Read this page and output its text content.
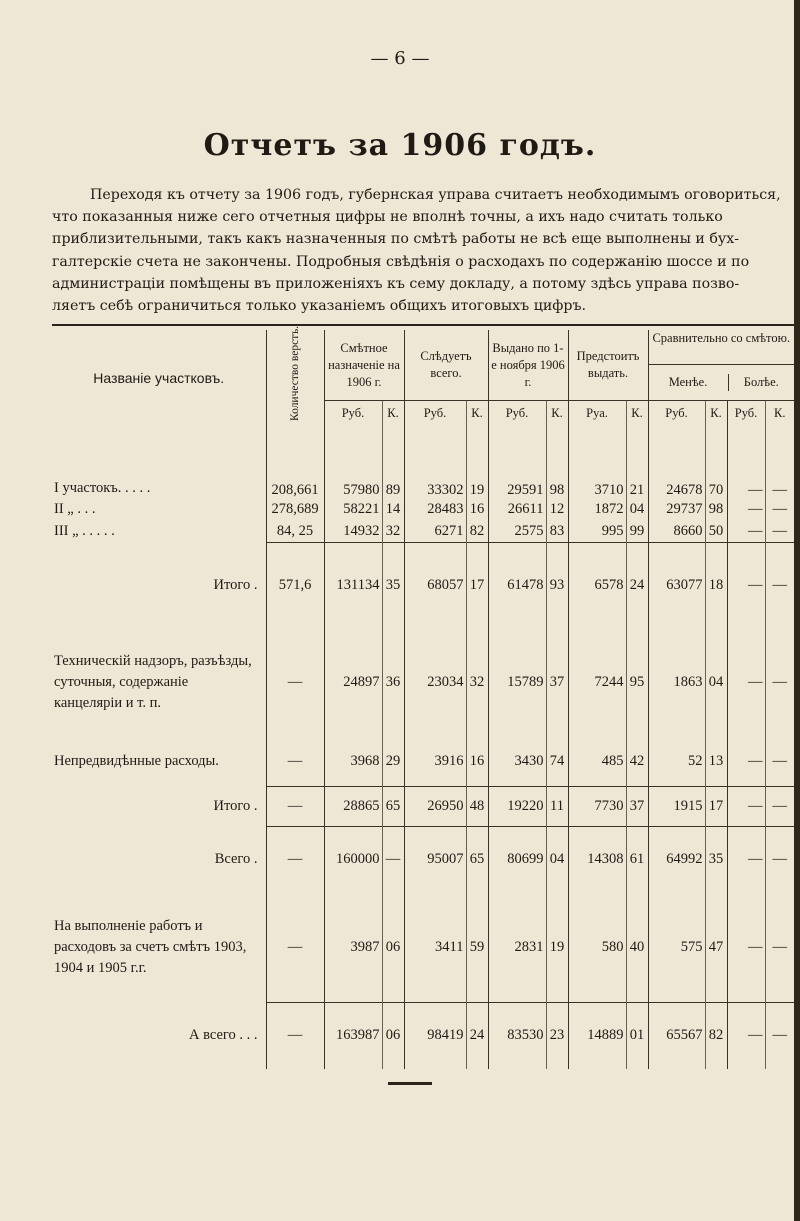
— 6 —
Отчетъ за 1906 годъ.
Переходя къ отчету за 1906 годъ, губернская управа считаетъ необходимымъ оговориться,
что показанныя ниже сего отчетныя цифры не вполнѣ точны, а ихъ надо считать только
приблизительными, такъ какъ назначенныя по смѣтѣ работы не всѣ еще выполнены и бух-
галтерскіе счета не закончены. Подробныя свѣдѣнія о расходахъ по содержанію шоссе и по
администраціи помѣщены въ приложеніяхъ къ сему докладу, а потому здѣсь управа позво-
ляетъ себѣ ограничиться только указаніемъ общихъ итоговыхъ цифръ.
Названіе участковъ.	Количество верстъ.	Смѣтное назначеніе на 1906 г.		Слѣдуетъ всего.		Выдано по 1-е ноября 1906 г.		Предстоитъ выдать.		Сравнительно со смѣтою.
Менѣе. Болѣе.			

		Руб.	К.	Руб.	К.	Руб.	К.	Руа.	К.	Руб.	К.	Руб.	К.
I участокъ. . . . .	208,661	57980	89	33302	19	29591	98	3710	21	24678	70	—	—
II „ . . .	278,689	58221	14	28483	16	26611	12	1872	04	29737	98	—	—
III „ . . . . .	84, 25	14932	32	6271	82	2575	83	995	99	8660	50	—	—
Итого .	571,6	131134	35	68057	17	61478	93	6578	24	63077	18	—	—
Техническій надзоръ, разъѣзды, суточныя, содержаніе канцеляріи и т. п.	—	24897	36	23034	32	15789	37	7244	95	1863	04	—	—
Непредвидѣнные расходы.	—	3968	29	3916	16	3430	74	485	42	52	13	—	—
Итого .	—	28865	65	26950	48	19220	11	7730	37	1915	17	—	—
Всего .	—	160000	—	95007	65	80699	04	14308	61	64992	35	—	—
На выполненіе работъ и расходовъ за счетъ смѣтъ 1903, 1904 и 1905 г.г.	—	3987	06	3411	59	2831	19	580	40	575	47	—	—
А всего . . .	—	163987	06	98419	24	83530	23	14889	01	65567	82	—	—
